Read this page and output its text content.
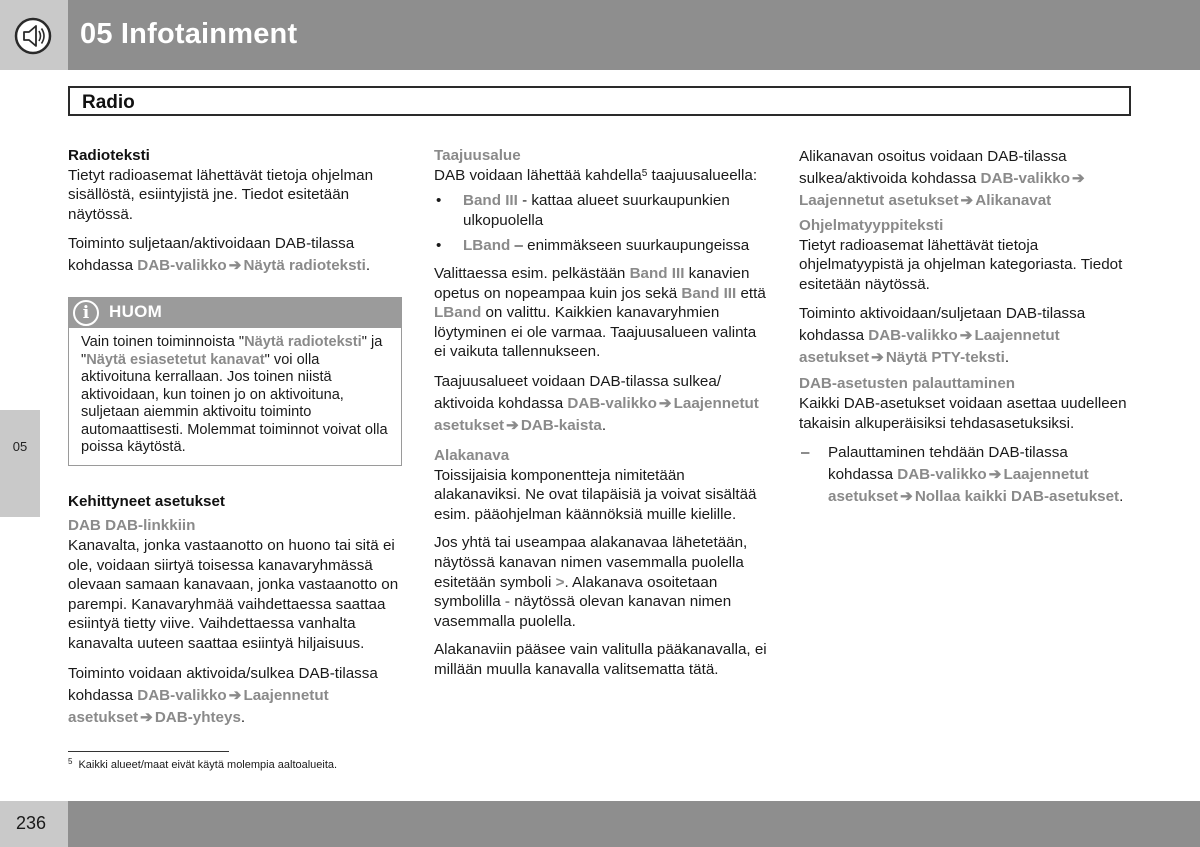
05 Infotainment
Radio
05
Radioteksti

Tietyt radioasemat lähettävät tietoja ohjelman sisällöstä, esiintyjistä jne. Tiedot esitetään näytössä.

Toiminto suljetaan/aktivoidaan DAB-tilassa kohdassa DAB-valikko ➔ Näytä radioteksti.

i	HUOM
Vain toinen toiminnoista "Näytä radioteksti" ja "Näytä esiasetetut kanavat" voi olla aktivoituna kerrallaan. Jos toinen niistä aktivoidaan, kun toinen jo on aktivoituna, suljetaan aiemmin aktivoitu toiminto automaattisesti. Molemmat toiminnot voivat olla poissa käytöstä.
Kehittyneet asetukset
DAB DAB-linkkiin

Kanavalta, jonka vastaanotto on huono tai sitä ei ole, voidaan siirtyä toisessa kanavaryhmässä olevaan samaan kanavaan, jonka vastaanotto on parempi. Kanavaryhmää vaihdettaessa saattaa esiintyä tietty viive. Vaihdettaessa vanhalta kanavalta uuteen saattaa esiintyä hiljaisuus.

Toiminto voidaan aktivoida/sulkea DAB-tilassa kohdassa DAB-valikko ➔ Laajennetut asetukset ➔ DAB-yhteys.

Taajuusalue

DAB voidaan lähettää kahdella$^5$ taajuusalueella:

• Band III - kattaa alueet suurkaupunkien ulkopuolella
• LBand – enimmäkseen suurkaupungeissa

Valittaessa esim. pelkästään Band III kanavien opetus on nopeampaa kuin jos sekä Band III että LBand on valittu. Kaikkien kanavaryhmien löytyminen ei ole varmaa. Taajuusalueen valinta ei vaikuta tallennukseen.

Taajuusalueet voidaan DAB-tilassa sulkea/ aktivoida kohdassa DAB-valikko ➔ Laajennetut asetukset ➔ DAB-kaista.

Alakanava

Toissijaisia komponentteja nimitetään alakanaviksi. Ne ovat tilapäisiä ja voivat sisältää esim. pääohjelman käännöksiä muille kielille.

Jos yhtä tai useampaa alakanavaa lähetetään, näytössä kanavan nimen vasemmalla puolella esitetään symboli >. Alakanava osoitetaan symbolilla - näytössä olevan kanavan nimen vasemmalla puolella.

Alakanaviin pääsee vain valitulla pääkanavalla, ei millään muulla kanavalla valitsematta tätä.

Alikanavan osoitus voidaan DAB-tilassa sulkea/aktivoida kohdassa DAB-valikko ➔Laajennetut asetukset ➔ Alikanavat

Ohjelmatyyppiteksti

Tietyt radioasemat lähettävät tietoja ohjelmatyypistä ja ohjelman kategoriasta. Tiedot esitetään näytössä.

Toiminto aktivoidaan/suljetaan DAB-tilassa kohdassa DAB-valikko ➔ Laajennetut asetukset ➔ Näytä PTY-teksti.

DAB-asetusten palauttaminen

Kaikki DAB-asetukset voidaan asettaa uudelleen takaisin alkuperäisiksi tehdasasetuksiksi.

– Palauttaminen tehdään DAB-tilassa kohdassa DAB-valikko ➔ Laajennetut asetukset ➔ Nollaa kaikki DAB-asetukset.
$^5$ Kaikki alueet/maat eivät käytä molempia aaltoalueita.
236
